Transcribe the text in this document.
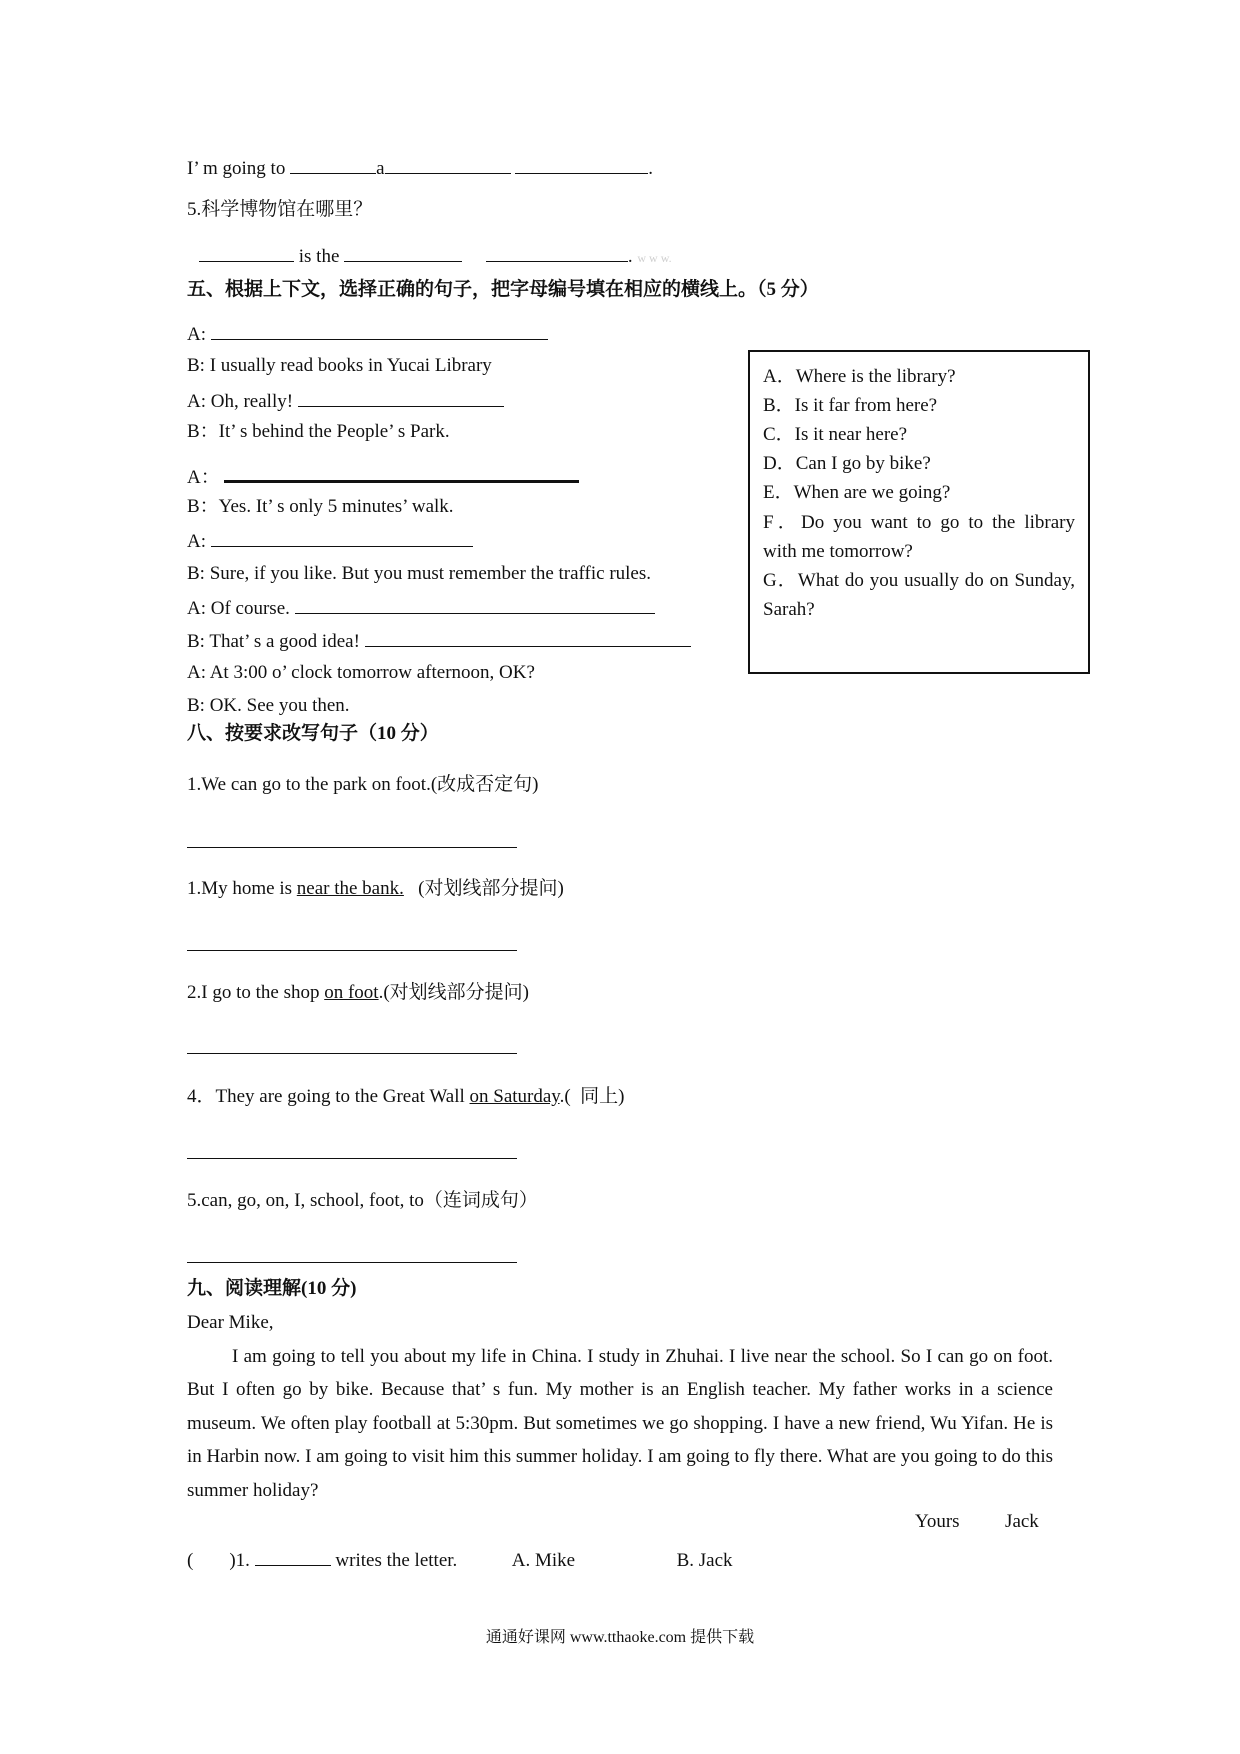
I’ m going to	a	.
5.科学博物馆在哪里？
is the	. w w w.
五、根据上下文，选择正确的句子，把字母编号填在相应的横线上。（5 分）
A:
B: I usually read books in Yucai Library
A: Oh, really!
B：It’ s behind the People’ s Park.
A：
B：Yes. It’ s only 5 minutes’ walk.
A:
B: Sure, if you like. But you must remember the traffic rules.
A: Of course.
B: That’ s a good idea!
A: At 3:00 o’ clock tomorrow afternoon, OK?
B: OK. See you then.
A．Where is the library?
B．Is it far from here?
C．Is it near here?
D．Can I go by bike?
E．When are we going?
F．Do you want to go to the library with me tomorrow?
G．What do you usually do on Sunday, Sarah?
八、按要求改写句子（10 分）
1.We can go to the park on foot.(改成否定句)
1.My home is near the bank.   (对划线部分提问)
2.I go to the shop on foot.(对划线部分提问)
4．They are going to the Great Wall on Saturday.(  同上)
5.can, go, on, I, school, foot, to（连词成句）
九、阅读理解(10 分)
Dear Mike,
I am going to tell you about my life in China. I study in Zhuhai. I live near the school. So I can go on foot. But I often go by bike. Because that’ s fun. My mother is an English teacher. My father works in a science museum. We often play football at 5:30pm. But sometimes we go shopping. I have a new friend, Wu Yifan. He is in Harbin now. I am going to visit him this summer holiday. I am going to fly there. What are you going to do this summer holiday?
Yours Jack
( )1.	writes the letter.	A. Mike	B. Jack
通通好课网 www.tthaoke.com 提供下载
